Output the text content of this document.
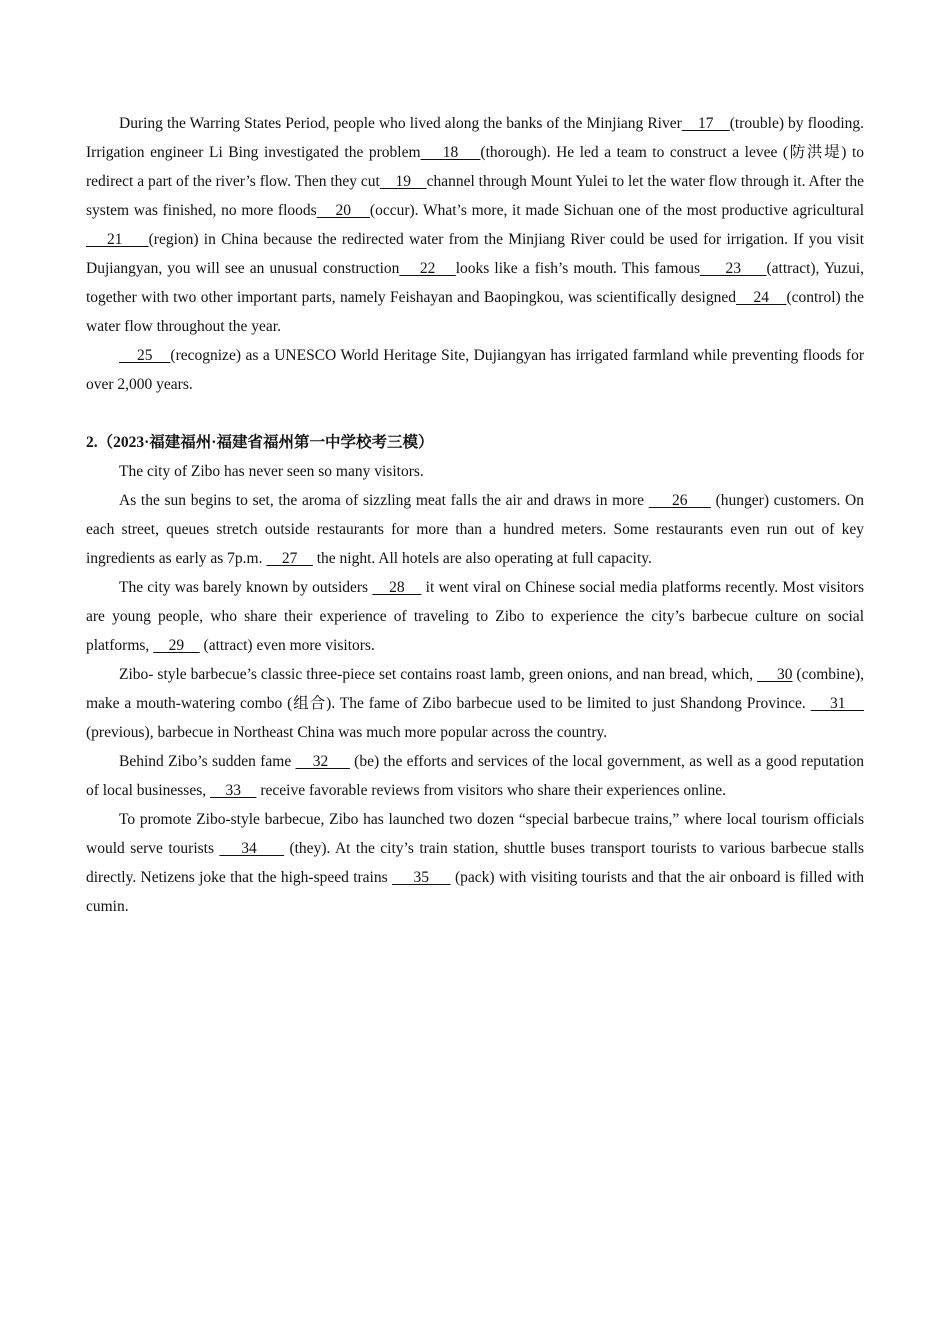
During the Warring States Period, people who lived along the banks of the Minjiang River    17    (trouble) by flooding. Irrigation engineer Li Bing investigated the problem    18    (thorough). He led a team to construct a levee (防洪堤) to redirect a part of the river’s flow. Then they cut    19    channel through Mount Yulei to let the water flow through it. After the system was finished, no more floods    20    (occur). What’s more, it made Sichuan one of the most productive agricultural    21     (region) in China because the redirected water from the Minjiang River could be used for irrigation. If you visit Dujiangyan, you will see an unusual construction    22    looks like a fish’s mouth. This famous     23     (attract), Yuzui, together with two other important parts, namely Feishayan and Baopingkou, was scientifically designed    24    (control) the water flow throughout the year.

25    (recognize) as a UNESCO World Heritage Site, Dujiangyan has irrigated farmland while preventing floods for over 2,000 years.

2.（2023·福建福州·福建省福州第一中学校考三模）

The city of Zibo has never seen so many visitors.

As the sun begins to set, the aroma of sizzling meat falls the air and draws in more      26      (hunger) customers. On each street, queues stretch outside restaurants for more than a hundred meters. Some restaurants even run out of key ingredients as early as 7p.m.     27     the night. All hotels are also operating at full capacity.

The city was barely known by outsiders     28     it went viral on Chinese social media platforms recently. Most visitors are young people, who share their experience of traveling to Zibo to experience the city’s barbecue culture on social platforms,     29     (attract) even more visitors.

Zibo- style barbecue’s classic three-piece set contains roast lamb, green onions, and nan bread, which,      30 (combine), make a mouth-watering combo (组合). The fame of Zibo barbecue used to be limited to just Shandong Province.     31     (previous), barbecue in Northeast China was much more popular across the country.

Behind Zibo’s sudden fame     32      (be) the efforts and services of the local government, as well as a good reputation of local businesses,     33     receive favorable reviews from visitors who share their experiences online.

To promote Zibo-style barbecue, Zibo has launched two dozen “special barbecue trains,” where local tourism officials would serve tourists     34      (they). At the city’s train station, shuttle buses transport tourists to various barbecue stalls directly. Netizens joke that the high-speed trains      35      (pack) with visiting tourists and that the air onboard is filled with cumin.
